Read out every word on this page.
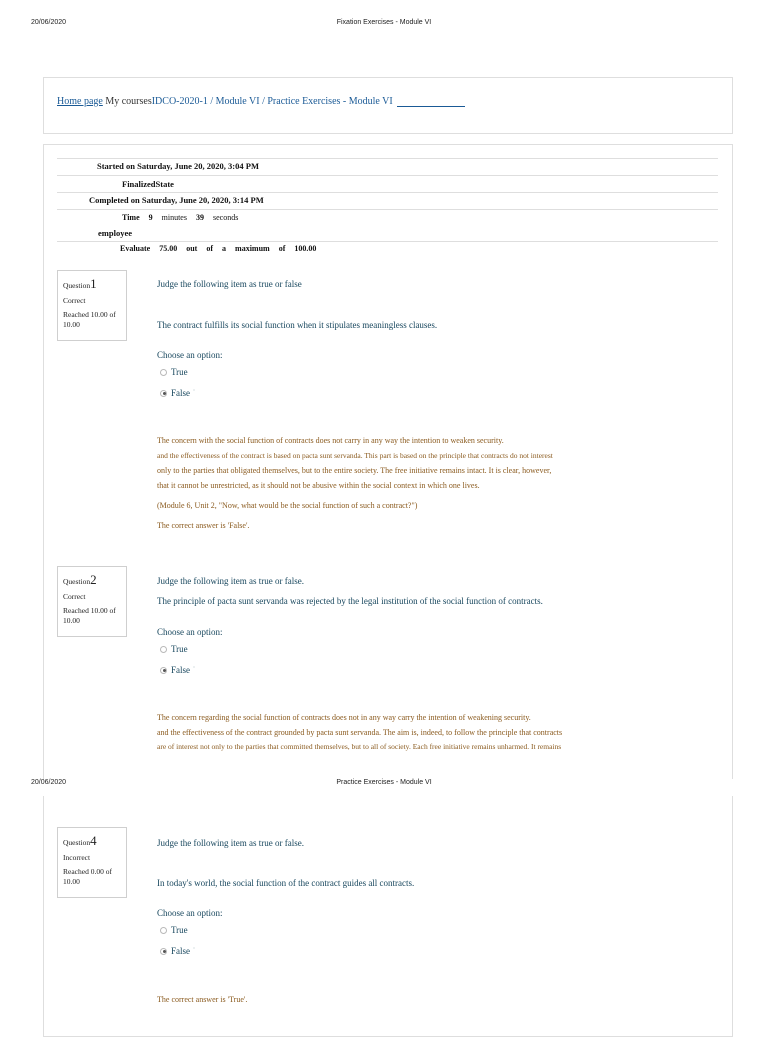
Fixation Exercises - Module VI
20/06/2020
Home page My coursesIDCO-2020-1 / Module VI / Practice Exercises - Module VI
Started on Saturday, June 20, 2020, 3:04 PM
FinalizedState
Completed on Saturday, June 20, 2020, 3:14 PM
Time 9 minutes 39 seconds
employee
Evaluate 75.00 out of a maximum of 100.00
Question1
Correct
Reached 10.00 of 10.00
Judge the following item as true or false
The contract fulfills its social function when it stipulates meaningless clauses.
Choose an option:
True
False ˈ
The concern with the social function of contracts does not carry in any way the intention to weaken security.
and the effectiveness of the contract is based on pacta sunt servanda. This part is based on the principle that contracts do not interest
only to the parties that obligated themselves, but to the entire society. The free initiative remains intact. It is clear, however,
that it cannot be unrestricted, as it should not be abusive within the social context in which one lives.
(Module 6, Unit 2, "Now, what would be the social function of such a contract?")
The correct answer is 'False'.
Question2
Correct
Reached 10.00 of 10.00
Judge the following item as true or false.
The principle of pacta sunt servanda was rejected by the legal institution of the social function of contracts.
Choose an option:
True
False ˈ
The concern regarding the social function of contracts does not in any way carry the intention of weakening security.
and the effectiveness of the contract grounded by pacta sunt servanda. The aim is, indeed, to follow the principle that contracts
are of interest not only to the parties that committed themselves, but to all of society. Each free initiative remains unharmed. It remains
Practice Exercises - Module VI
20/06/2020
Question4
Incorrect
Reached 0.00 of 10.00
Judge the following item as true or false.
In today's world, the social function of the contract guides all contracts.
Choose an option:
True
False ˈ
The correct answer is 'True'.
